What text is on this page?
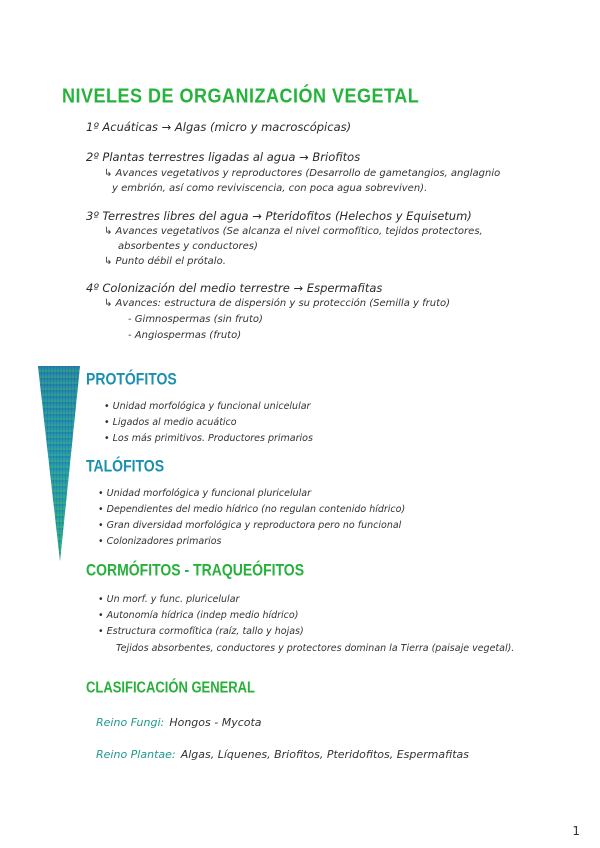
NIVELES DE ORGANIZACIÓN VEGETAL
1º Acuáticas → Algas (micro y macroscópicas)
2º Plantas terrestres ligadas al agua → Briofitos
↳ Avances vegetativos y reproductores (Desarrollo de gametangios, anglagnio
y embrión, así como reviviscencia, con poca agua sobreviven).
3º Terrestres libres del agua → Pteridofitos (Helechos y Equisetum)
↳ Avances vegetativos (Se alcanza el nivel cormofítico, tejidos protectores,
absorbentes y conductores)
↳ Punto débil el prótalo.
4º Colonización del medio terrestre → Espermafitas
↳ Avances: estructura de dispersión y su protección (Semilla y fruto)
- Gimnospermas (sin fruto)
- Angiospermas (fruto)
PROTÓFITOS
• Unidad morfológica y funcional unicelular
• Ligados al medio acuático
• Los más primitivos. Productores primarios
TALÓFITOS
• Unidad morfológica y funcional pluricelular
• Dependientes del medio hídrico (no regulan contenido hídrico)
• Gran diversidad morfológica y reproductora pero no funcional
• Colonizadores primarios
CORMÓFITOS - TRAQUEÓFITOS
• Un morf. y func. pluricelular
• Autonomía hídrica (indep medio hídrico)
• Estructura cormofítica (raíz, tallo y hojas)
Tejidos absorbentes, conductores y protectores dominan la Tierra (paisaje vegetal).
CLASIFICACIÓN GENERAL
Reino Fungi: Hongos - Mycota
Reino Plantae: Algas, Líquenes, Briofitos, Pteridofitos, Espermafitas
1
